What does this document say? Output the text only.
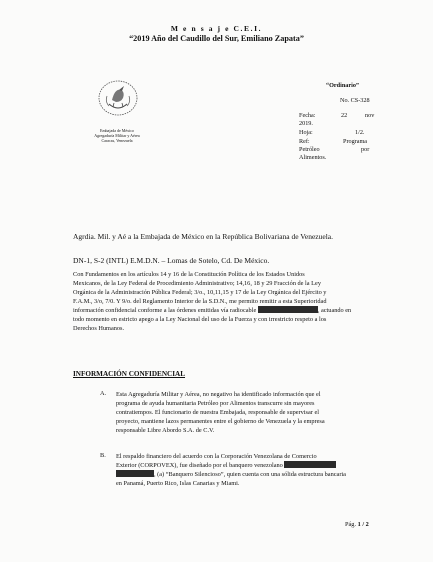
M e n s a j e C.E.I.
“2019 Año del Caudillo del Sur, Emiliano Zapata”
Embajada de México
Agregaduría Militar y Aérea
Caracas, Venezuela
“Ordinario”
No. CS-328
Fecha:	22	nov
2019.
Hoja:	1/2.
Ref:	Programa
Petróleo	por
Alimentos.
Agrdia. Mil. y Aé a la Embajada de México en la República Bolivariana de Venezuela.
DN-1, S-2 (INTL) E.M.D.N. – Lomas de Sotelo, Cd. De México.
Con Fundamentos en los artículos 14 y 16 de la Constitución Política de los Estados Unidos
Mexicanos, de la Ley Federal de Procedimiento Administrativo; 14,16, 18 y 29 Fracción de la Ley
Orgánica de la Administración Pública Federal; 3/o., 10,11,15 y 17 de la Ley Orgánica del Ejército y
F.A.M., 3/o, 7/0. Y 9/o. del Reglamento Interior de la S.D.N., me permito remitir a esta Superioridad
información confidencial conforme a las órdenes emitidas vía radiocable	, actuando en
todo momento en estricto apego a la Ley Nacional del uso de la Fuerza y con irrestricto respeto a los
Derechos Humanos.
INFORMACIÓN CONFIDENCIAL
A. Esta Agregaduría Militar y Aérea, no negativo ha identificado información que el
programa de ayuda humanitaria Petróleo por Alimentos transcurre sin mayores
contratiempos. El funcionario de nuestra Embajada, responsable de supervisar el
proyecto, mantiene lazos permanentes entre el gobierno de Venezuela y la empresa
responsable Libre Abordo S.A. de C.V.
B. El respaldo financiero del acuerdo con la Corporación Venezolana de Comercio
Exterior (CORPOVEX), fue diseñado por el banquero venezolano
, (a) “Banquero Silencioso”, quien cuenta con una sólida estructura bancaria
en Panamá, Puerto Rico, Islas Canarias y Miami.
Pág. 1 / 2
